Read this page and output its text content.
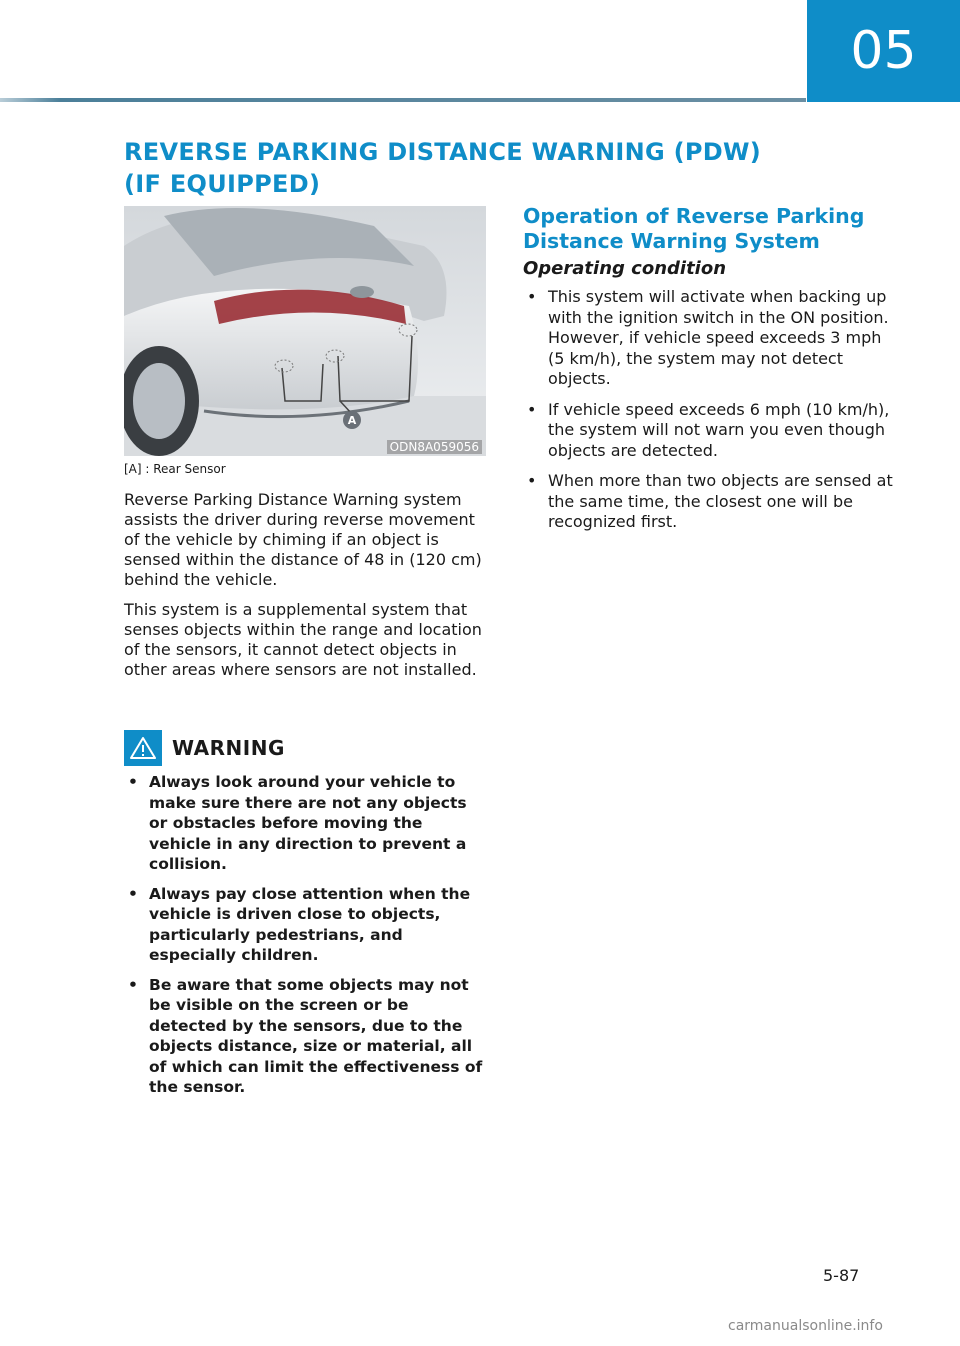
05
REVERSE PARKING DISTANCE WARNING (PDW)
(IF EQUIPPED)
A
ODN8A059056
[A] : Rear Sensor

Reverse Parking Distance Warning system assists the driver during reverse movement of the vehicle by chiming if an object is sensed within the distance of 48 in (120 cm) behind the vehicle.

This system is a supplemental system that senses objects within the range and location of the sensors, it cannot detect objects in other areas where sensors are not installed.

WARNING
• Always look around your vehicle to make sure there are not any objects or obstacles before moving the vehicle in any direction to prevent a collision.
• Always pay close attention when the vehicle is driven close to objects, particularly pedestrians, and especially children.
• Be aware that some objects may not be visible on the screen or be detected by the sensors, due to the objects distance, size or material, all of which can limit the effectiveness of the sensor.
Operation of Reverse Parking Distance Warning System
Operating condition
• This system will activate when backing up with the ignition switch in the ON position. However, if vehicle speed exceeds 3 mph (5 km/h), the system may not detect objects.
• If vehicle speed exceeds 6 mph (10 km/h), the system will not warn you even though objects are detected.
• When more than two objects are sensed at the same time, the closest one will be recognized first.
5-87
carmanualsonline.info
